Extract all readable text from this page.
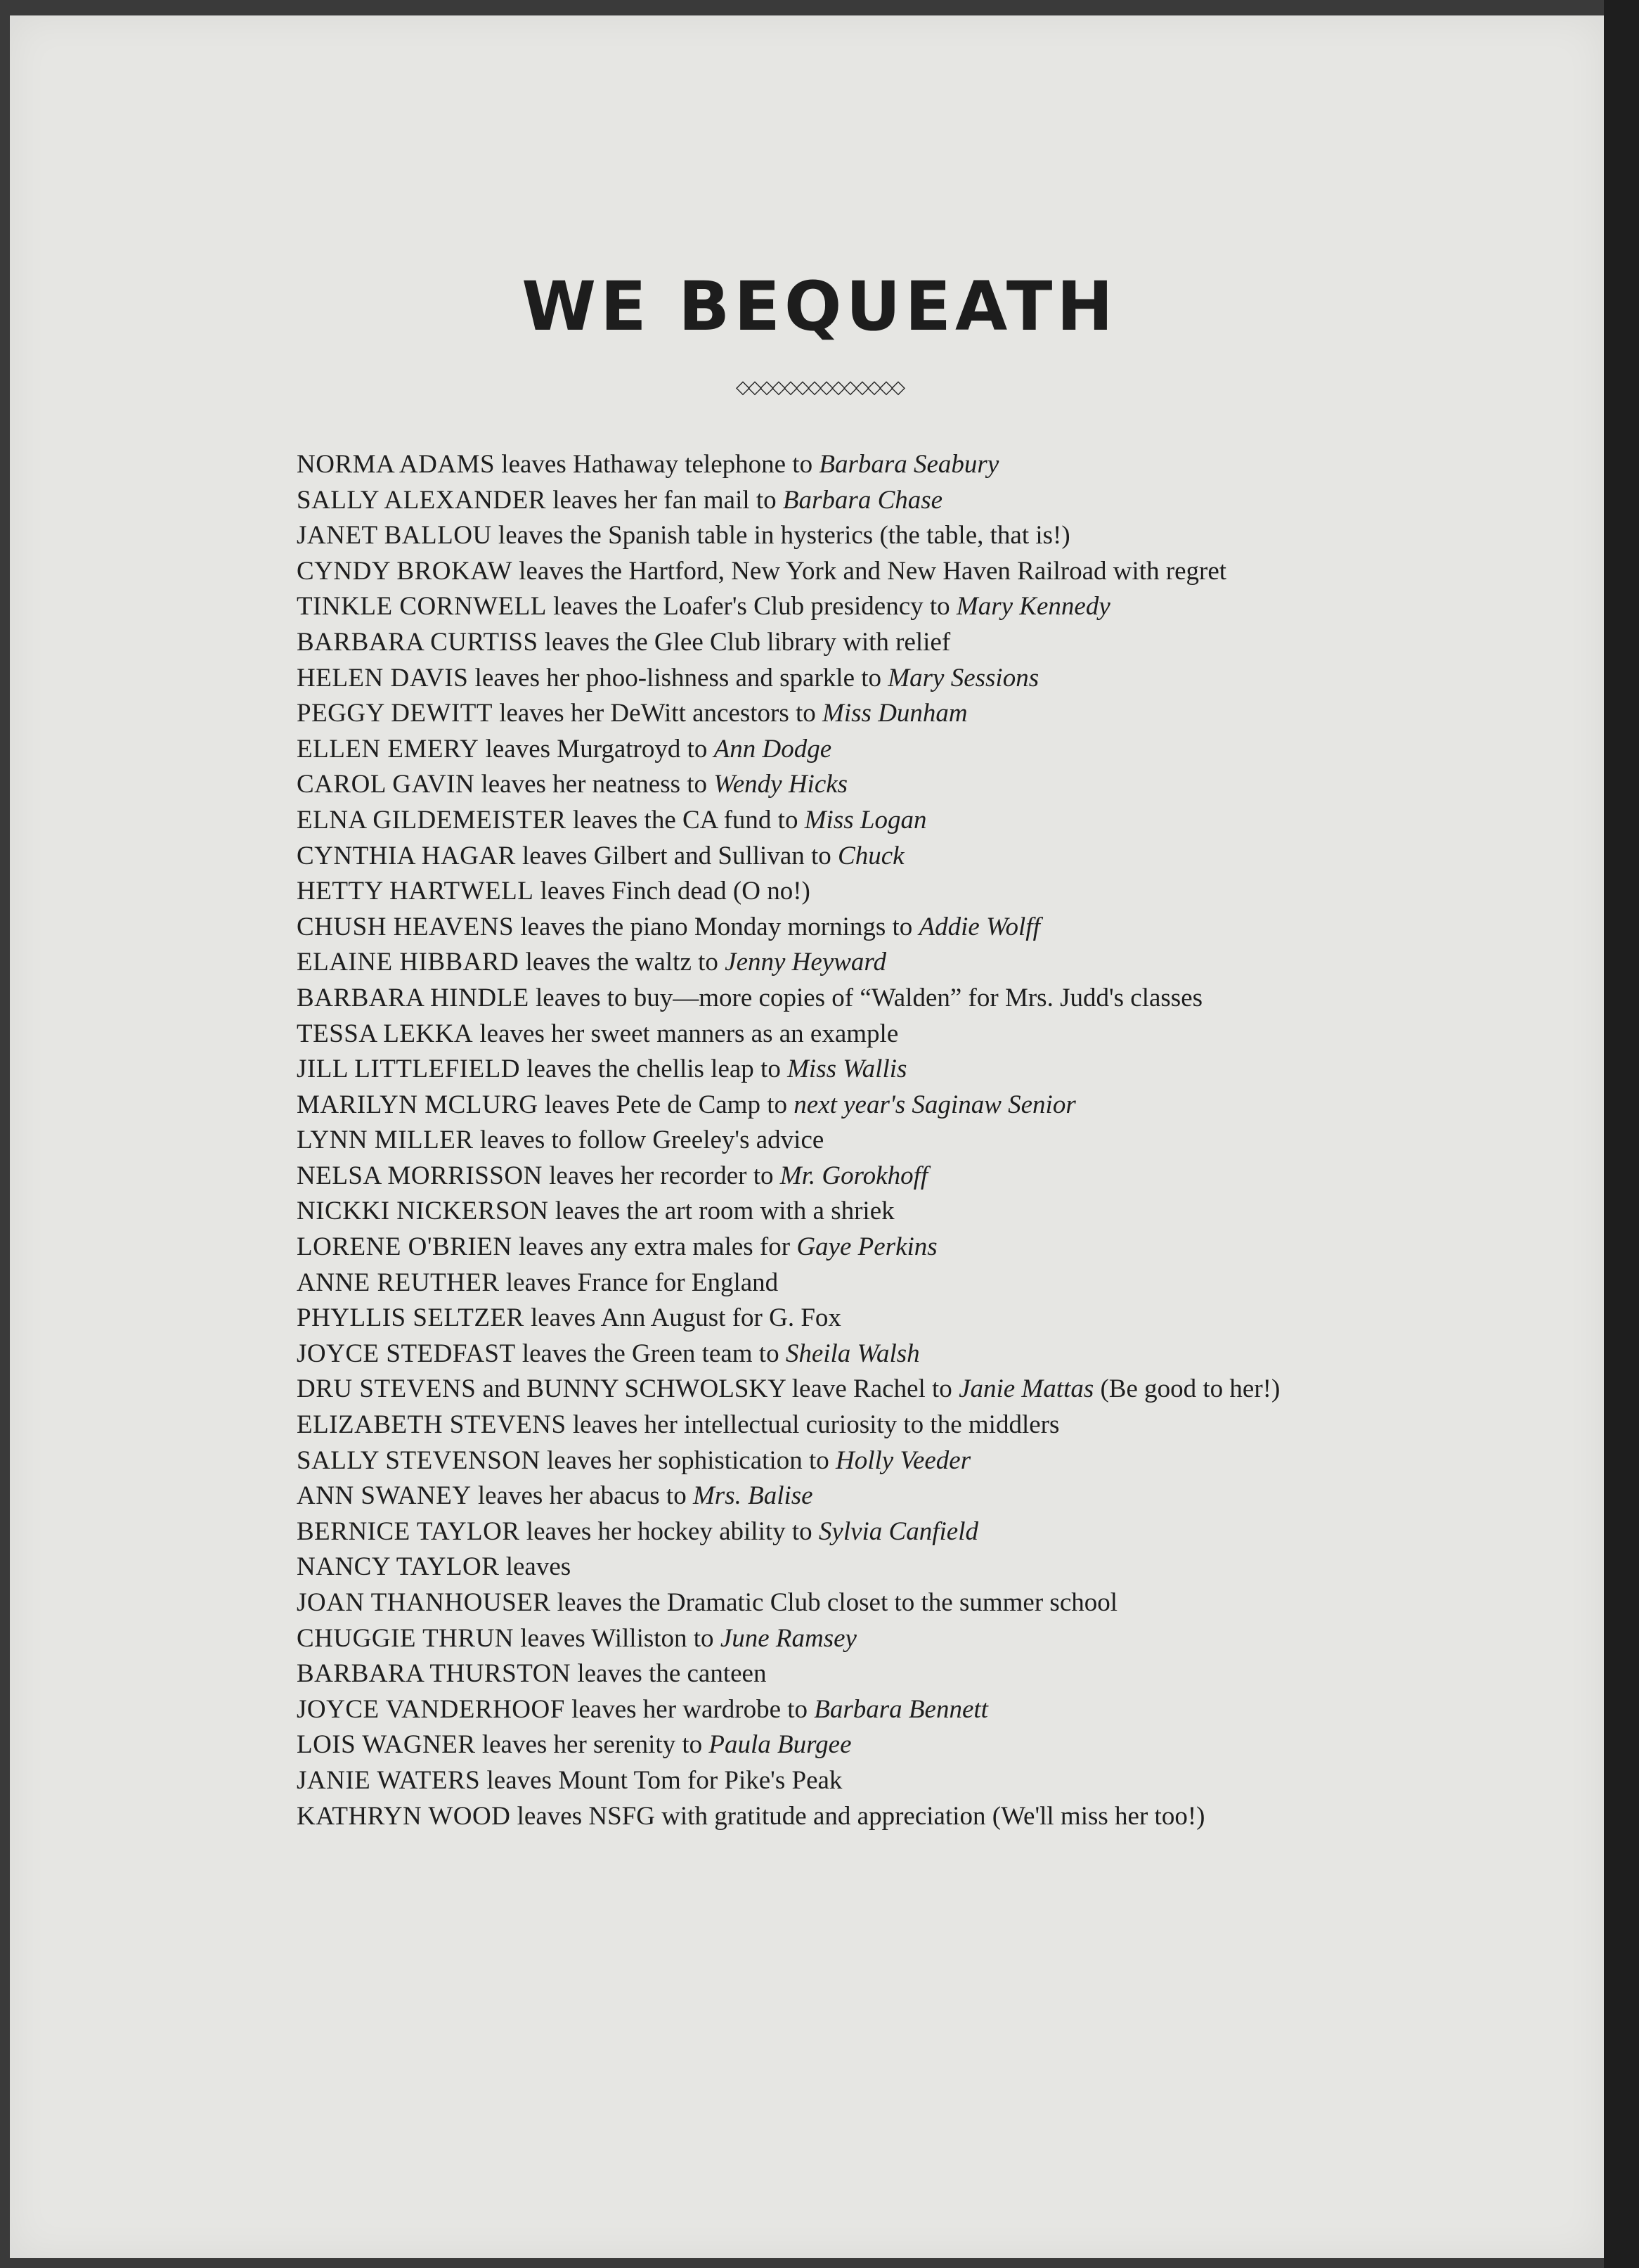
WE BEQUEATH
◇◇◇◇◇◇◇◇◇◇◇◇◇◇
NORMA ADAMS leaves Hathaway telephone to Barbara Seabury
SALLY ALEXANDER leaves her fan mail to Barbara Chase
JANET BALLOU leaves the Spanish table in hysterics (the table, that is!)
CYNDY BROKAW leaves the Hartford, New York and New Haven Railroad with regret
TINKLE CORNWELL leaves the Loafer's Club presidency to Mary Kennedy
BARBARA CURTISS leaves the Glee Club library with relief
HELEN DAVIS leaves her phoo-lishness and sparkle to Mary Sessions
PEGGY DEWITT leaves her DeWitt ancestors to Miss Dunham
ELLEN EMERY leaves Murgatroyd to Ann Dodge
CAROL GAVIN leaves her neatness to Wendy Hicks
ELNA GILDEMEISTER leaves the CA fund to Miss Logan
CYNTHIA HAGAR leaves Gilbert and Sullivan to Chuck
HETTY HARTWELL leaves Finch dead (O no!)
CHUSH HEAVENS leaves the piano Monday mornings to Addie Wolff
ELAINE HIBBARD leaves the waltz to Jenny Heyward
BARBARA HINDLE leaves to buy—more copies of “Walden” for Mrs. Judd's classes
TESSA LEKKA leaves her sweet manners as an example
JILL LITTLEFIELD leaves the chellis leap to Miss Wallis
MARILYN MCLURG leaves Pete de Camp to next year's Saginaw Senior
LYNN MILLER leaves to follow Greeley's advice
NELSA MORRISSON leaves her recorder to Mr. Gorokhoff
NICKKI NICKERSON leaves the art room with a shriek
LORENE O'BRIEN leaves any extra males for Gaye Perkins
ANNE REUTHER leaves France for England
PHYLLIS SELTZER leaves Ann August for G. Fox
JOYCE STEDFAST leaves the Green team to Sheila Walsh
DRU STEVENS and BUNNY SCHWOLSKY leave Rachel to Janie Mattas (Be good to her!)
ELIZABETH STEVENS leaves her intellectual curiosity to the middlers
SALLY STEVENSON leaves her sophistication to Holly Veeder
ANN SWANEY leaves her abacus to Mrs. Balise
BERNICE TAYLOR leaves her hockey ability to Sylvia Canfield
NANCY TAYLOR leaves
JOAN THANHOUSER leaves the Dramatic Club closet to the summer school
CHUGGIE THRUN leaves Williston to June Ramsey
BARBARA THURSTON leaves the canteen
JOYCE VANDERHOOF leaves her wardrobe to Barbara Bennett
LOIS WAGNER leaves her serenity to Paula Burgee
JANIE WATERS leaves Mount Tom for Pike's Peak
KATHRYN WOOD leaves NSFG with gratitude and appreciation (We'll miss her too!)
